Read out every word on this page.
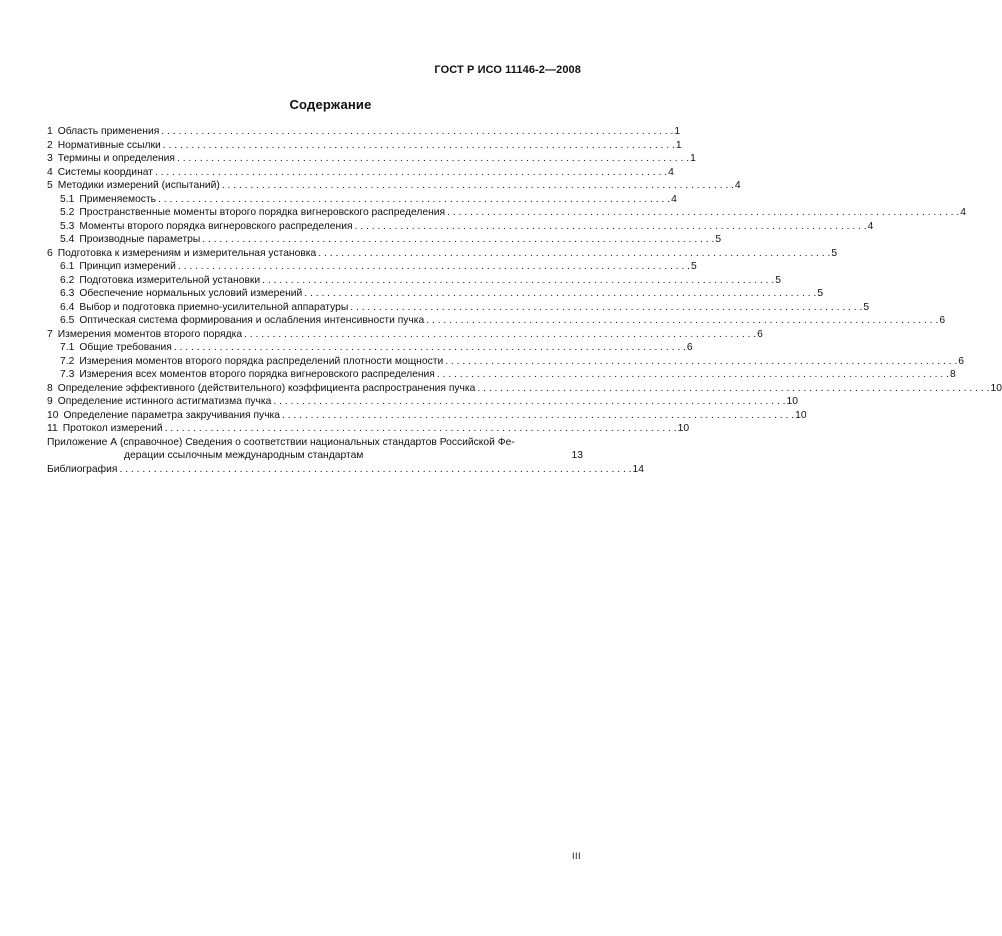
ГОСТ Р ИСО 11146-2—2008
Содержание
1 Область применения . . .	1
2 Нормативные ссылки . . .	1
3 Термины и определения . . .	1
4 Системы координат . . .	4
5 Методики измерений (испытаний) . . .	4
5.1 Применяемость . . .	4
5.2 Пространственные моменты второго порядка вигнеровского распределения . . .	4
5.3 Моменты второго порядка вигнеровского распределения . . .	4
5.4 Производные параметры . . .	5
6 Подготовка к измерениям и измерительная установка . . .	5
6.1 Принцип измерений . . .	5
6.2 Подготовка измерительной установки . . .	5
6.3 Обеспечение нормальных условий измерений . . .	5
6.4 Выбор и подготовка приемно-усилительной аппаратуры . . .	5
6.5 Оптическая система формирования и ослабления интенсивности пучка . . .	6
7 Измерения моментов второго порядка . . .	6
7.1 Общие требования . . .	6
7.2 Измерения моментов второго порядка распределений плотности мощности . . .	6
7.3 Измерения всех моментов второго порядка вигнеровского распределения . . .	8
8 Определение эффективного (действительного) коэффициента распространения пучка . . .	10
9 Определение истинного астигматизма пучка . . .	10
10 Определение параметра закручивания пучка . . .	10
11 Протокол измерений . . .	10
Приложение А (справочное) Сведения о соответствии национальных стандартов Российской Фе-
дерации ссылочным международным стандартам	13
Библиография . . .	14
III
